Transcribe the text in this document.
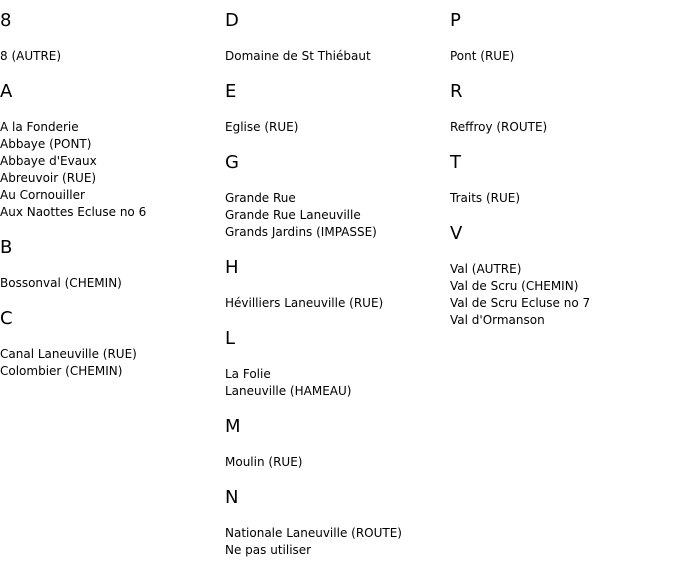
8
8 (AUTRE)
A
A la Fonderie
Abbaye (PONT)
Abbaye d'Evaux
Abreuvoir (RUE)
Au Cornouiller
Aux Naottes Ecluse no 6
B
Bossonval (CHEMIN)
C
Canal Laneuville (RUE)
Colombier (CHEMIN)
D
Domaine de St Thiébaut
E
Eglise (RUE)
G
Grande Rue
Grande Rue Laneuville
Grands Jardins (IMPASSE)
H
Hévilliers Laneuville (RUE)
L
La Folie
Laneuville (HAMEAU)
M
Moulin (RUE)
N
Nationale Laneuville (ROUTE)
Ne pas utiliser
P
Pont (RUE)
R
Reffroy (ROUTE)
T
Traits (RUE)
V
Val (AUTRE)
Val de Scru (CHEMIN)
Val de Scru Ecluse no 7
Val d'Ormanson
